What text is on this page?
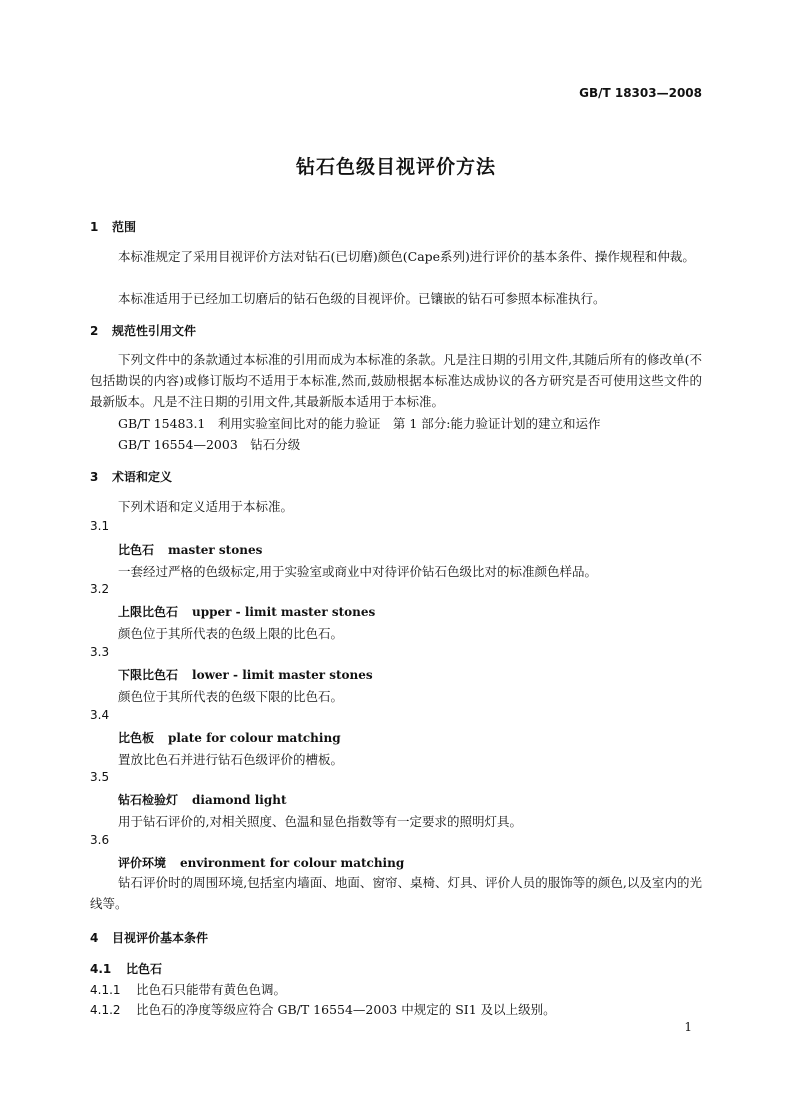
GB/T 18303—2008
钻石色级目视评价方法
1 范围
本标准规定了采用目视评价方法对钻石(已切磨)颜色(Cape系列)进行评价的基本条件、操作规程和仲裁。
本标准适用于已经加工切磨后的钻石色级的目视评价。已镶嵌的钻石可参照本标准执行。
2 规范性引用文件
下列文件中的条款通过本标准的引用而成为本标准的条款。凡是注日期的引用文件,其随后所有的修改单(不包括勘误的内容)或修订版均不适用于本标准,然而,鼓励根据本标准达成协议的各方研究是否可使用这些文件的最新版本。凡是不注日期的引用文件,其最新版本适用于本标准。
GB/T 15483.1　利用实验室间比对的能力验证　第 1 部分:能力验证计划的建立和运作
GB/T 16554—2003　钻石分级
3 术语和定义
下列术语和定义适用于本标准。
3.1
比色石 master stones
一套经过严格的色级标定,用于实验室或商业中对待评价钻石色级比对的标准颜色样品。
3.2
上限比色石 upper - limit master stones
颜色位于其所代表的色级上限的比色石。
3.3
下限比色石 lower - limit master stones
颜色位于其所代表的色级下限的比色石。
3.4
比色板 plate for colour matching
置放比色石并进行钻石色级评价的槽板。
3.5
钻石检验灯 diamond light
用于钻石评价的,对相关照度、色温和显色指数等有一定要求的照明灯具。
3.6
评价环境 environment for colour matching
钻石评价时的周围环境,包括室内墙面、地面、窗帘、桌椅、灯具、评价人员的服饰等的颜色,以及室内的光线等。
4 目视评价基本条件
4.1 比色石
4.1.1 比色石只能带有黄色色调。
4.1.2 比色石的净度等级应符合 GB/T 16554—2003 中规定的 SI1 及以上级别。
1
